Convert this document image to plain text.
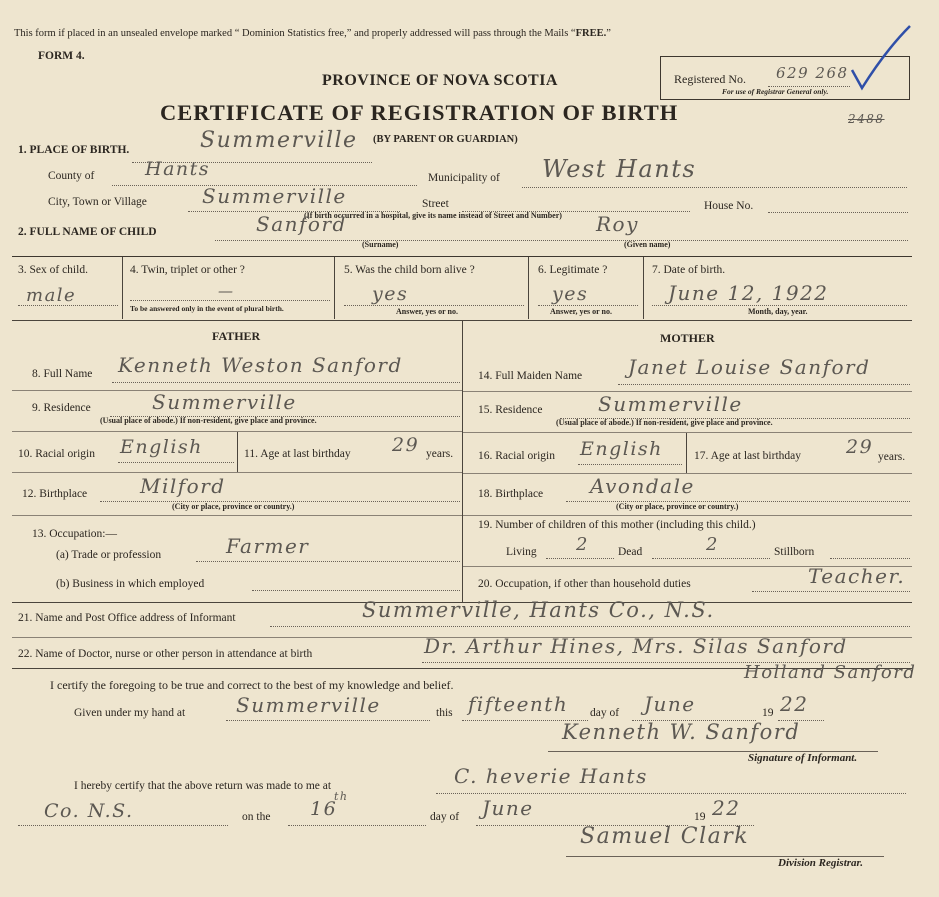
This form if placed in an unsealed envelope marked “ Dominion Statistics free,” and properly addressed will pass through the Mails “FREE.”
FORM 4.
PROVINCE OF NOVA SCOTIA
CERTIFICATE OF REGISTRATION OF BIRTH
Registered No. 629 268
For use of Registrar General only.
2488
1. PLACE OF BIRTH.	Summerville (BY PARENT OR GUARDIAN)
County of	Hants	Municipality of West Hants
City, Town or Village	Summerville	Street	House No.
(If birth occurred in a hospital, give its name instead of Street and Number)
2. FULL NAME OF CHILD	Sanford	Roy
(Surname)	(Given name)
3. Sex of child.
male
4. Twin, triplet or other ?
—
To be answered only in the event of plural birth.
5. Was the child born alive ?
yes
Answer, yes or no.
6. Legitimate ?
yes
Answer, yes or no.
7. Date of birth.
June 12, 1922
Month, day, year.
FATHER	MOTHER
8. Full Name Kenneth Weston Sanford
9. Residence	Summerville
(Usual place of abode.) If non-resident, give place and province.
10. Racial origin English	11. Age at last birthday 29 years.
12. Birthplace	Milford
(City or place, province or country.)
13. Occupation:—
(a) Trade or profession	Farmer
(b) Business in which employed
14. Full Maiden Name Janet Louise Sanford
15. Residence	Summerville
(Usual place of abode.) If non-resident, give place and province.
16. Racial origin English	17. Age at last birthday 29 years.
18. Birthplace Avondale
(City or place, province or country.)
19. Number of children of this mother (including this child.)
Living 2	Dead	2	Stillborn
20. Occupation, if other than household duties	Teacher.
21. Name and Post Office address of Informant	Summerville, Hants Co., N.S.
22. Name of Doctor, nurse or other person in attendance at birth	Dr. Arthur Hines, Mrs. Silas Sanford
Holland Sanford
I certify the foregoing to be true and correct to the best of my knowledge and belief.
Given under my hand at	Summerville	this fifteenth day of June	19 22
Kenneth W. Sanford
Signature of Informant.
I hereby certify that the above return was made to me at	C. heverie Hants
Co. N.S.	on the 16
th
day of June	19 22
Samuel Clark
Division Registrar.
